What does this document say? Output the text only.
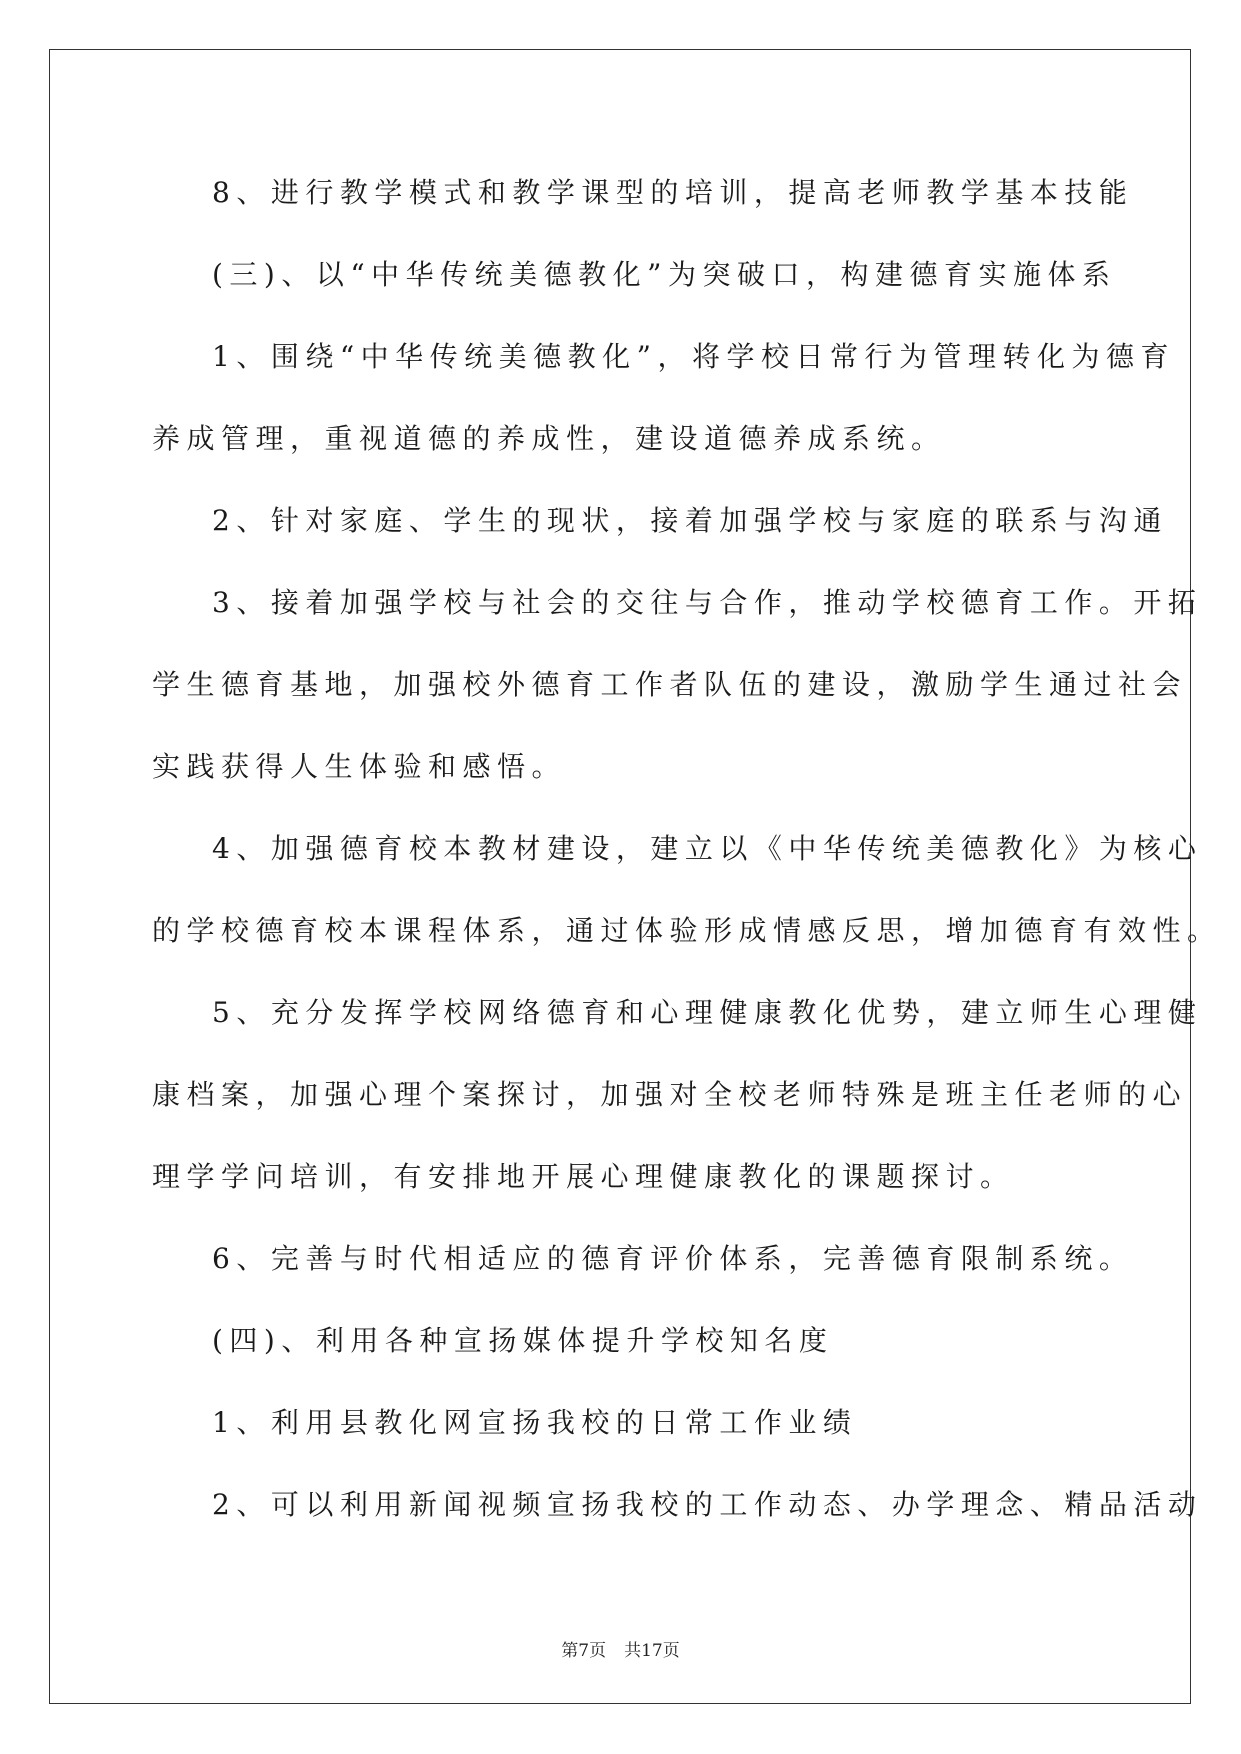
8、进行教学模式和教学课型的培训，提高老师教学基本技能
(三)、以“中华传统美德教化”为突破口，构建德育实施体系
1、围绕“中华传统美德教化”，将学校日常行为管理转化为德育
养成管理，重视道德的养成性，建设道德养成系统。
2、针对家庭、学生的现状，接着加强学校与家庭的联系与沟通
3、接着加强学校与社会的交往与合作，推动学校德育工作。开拓
学生德育基地，加强校外德育工作者队伍的建设，激励学生通过社会
实践获得人生体验和感悟。
4、加强德育校本教材建设，建立以《中华传统美德教化》为核心
的学校德育校本课程体系，通过体验形成情感反思，增加德育有效性。
5、充分发挥学校网络德育和心理健康教化优势，建立师生心理健
康档案，加强心理个案探讨，加强对全校老师特殊是班主任老师的心
理学学问培训，有安排地开展心理健康教化的课题探讨。
6、完善与时代相适应的德育评价体系，完善德育限制系统。
(四)、利用各种宣扬媒体提升学校知名度
1、利用县教化网宣扬我校的日常工作业绩
2、可以利用新闻视频宣扬我校的工作动态、办学理念、精品活动
第7页 共17页
